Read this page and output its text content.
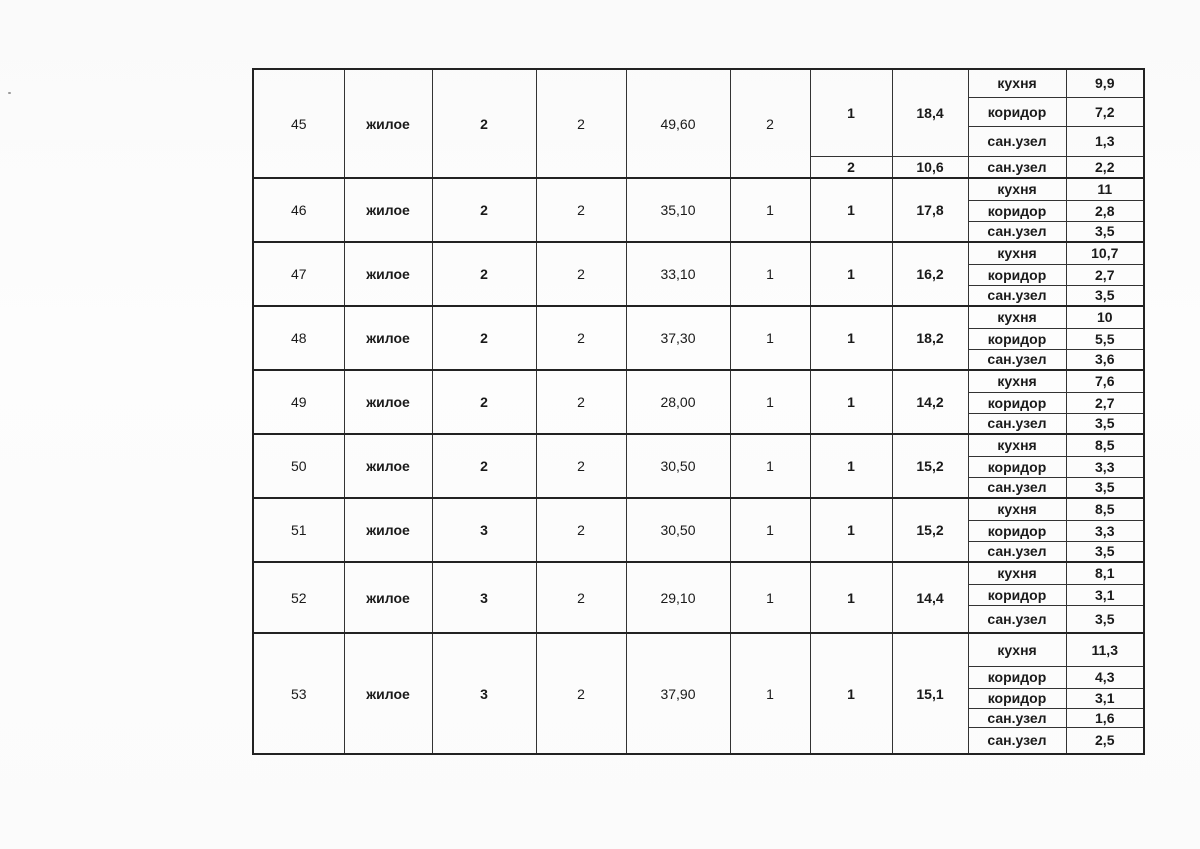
45	жилое	2	2	49,60	2	1	18,4	кухня	9,9
								коридор	7,2
								сан.узел	1,3
						2	10,6	сан.узел	2,2
46	жилое	2	2	35,10	1	1	17,8	кухня	11
								коридор	2,8
								сан.узел	3,5
47	жилое	2	2	33,10	1	1	16,2	кухня	10,7
								коридор	2,7
								сан.узел	3,5
48	жилое	2	2	37,30	1	1	18,2	кухня	10
								коридор	5,5
								сан.узел	3,6
49	жилое	2	2	28,00	1	1	14,2	кухня	7,6
								коридор	2,7
								сан.узел	3,5
50	жилое	2	2	30,50	1	1	15,2	кухня	8,5
								коридор	3,3
								сан.узел	3,5
51	жилое	3	2	30,50	1	1	15,2	кухня	8,5
								коридор	3,3
								сан.узел	3,5
52	жилое	3	2	29,10	1	1	14,4	кухня	8,1
								коридор	3,1
								сан.узел	3,5
53	жилое	3	2	37,90	1	1	15,1	кухня	11,3
								коридор	4,3
								коридор	3,1
								сан.узел	1,6
								сан.узел	2,5
